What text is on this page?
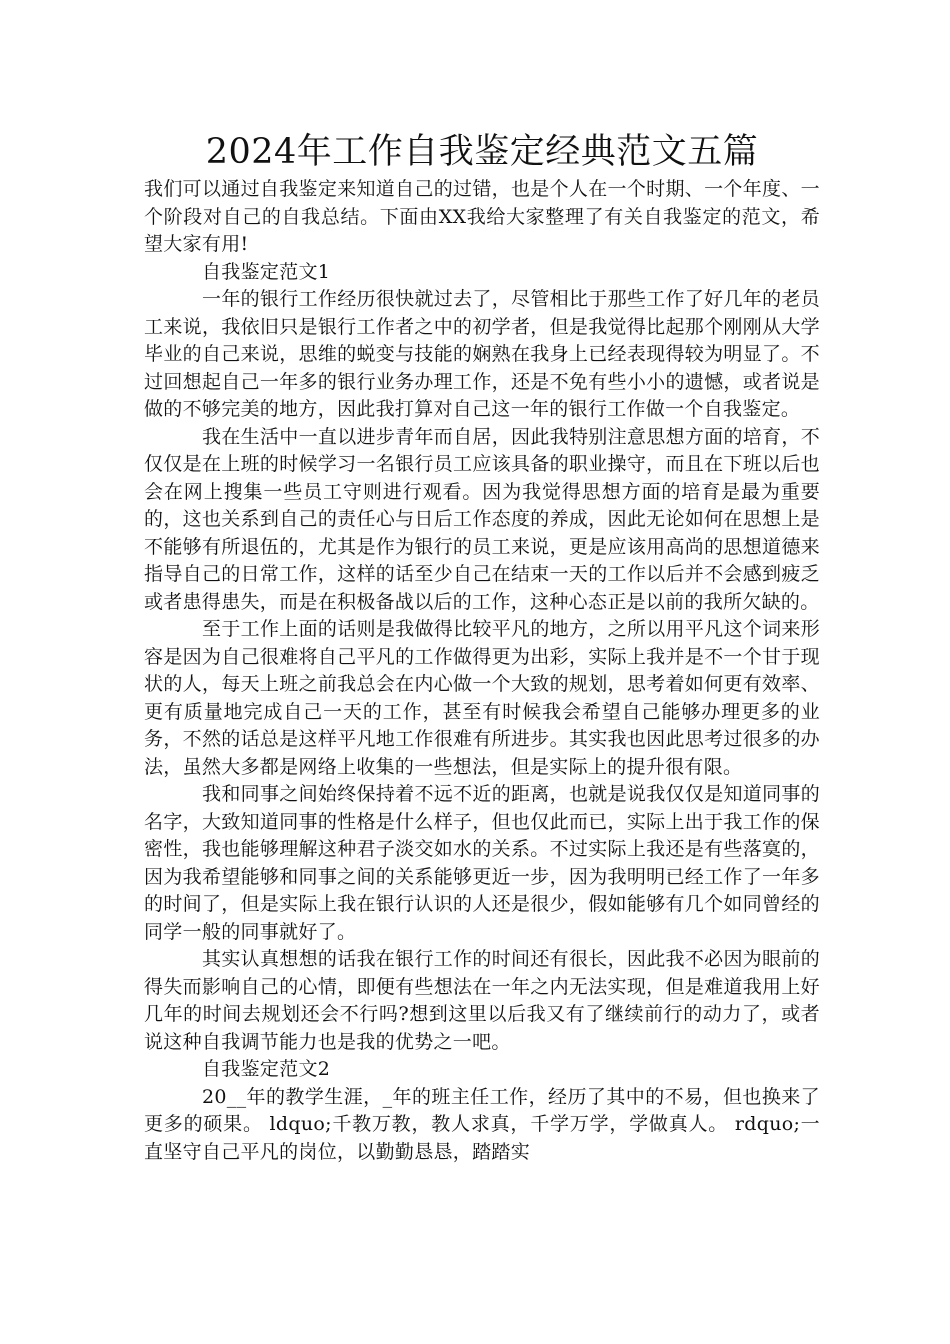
2024年工作自我鉴定经典范文五篇

我们可以通过自我鉴定来知道自己的过错，也是个人在一个时期、一个年度、一个阶段对自己的自我总结。下面由XX我给大家整理了有关自我鉴定的范文，希望大家有用!

自我鉴定范文1

一年的银行工作经历很快就过去了，尽管相比于那些工作了好几年的老员工来说，我依旧只是银行工作者之中的初学者，但是我觉得比起那个刚刚从大学毕业的自己来说，思维的蜕变与技能的娴熟在我身上已经表现得较为明显了。不过回想起自己一年多的银行业务办理工作，还是不免有些小小的遗憾，或者说是做的不够完美的地方，因此我打算对自己这一年的银行工作做一个自我鉴定。

我在生活中一直以进步青年而自居，因此我特别注意思想方面的培育，不仅仅是在上班的时候学习一名银行员工应该具备的职业操守，而且在下班以后也会在网上搜集一些员工守则进行观看。因为我觉得思想方面的培育是最为重要的，这也关系到自己的责任心与日后工作态度的养成，因此无论如何在思想上是不能够有所退伍的，尤其是作为银行的员工来说，更是应该用高尚的思想道德来指导自己的日常工作，这样的话至少自己在结束一天的工作以后并不会感到疲乏或者患得患失，而是在积极备战以后的工作，这种心态正是以前的我所欠缺的。

至于工作上面的话则是我做得比较平凡的地方，之所以用平凡这个词来形容是因为自己很难将自己平凡的工作做得更为出彩，实际上我并是不一个甘于现状的人，每天上班之前我总会在内心做一个大致的规划，思考着如何更有效率、更有质量地完成自己一天的工作，甚至有时候我会希望自己能够办理更多的业务，不然的话总是这样平凡地工作很难有所进步。其实我也因此思考过很多的办法，虽然大多都是网络上收集的一些想法，但是实际上的提升很有限。

我和同事之间始终保持着不远不近的距离，也就是说我仅仅是知道同事的名字，大致知道同事的性格是什么样子，但也仅此而已，实际上出于我工作的保密性，我也能够理解这种君子淡交如水的关系。不过实际上我还是有些落寞的，因为我希望能够和同事之间的关系能够更近一步，因为我明明已经工作了一年多的时间了，但是实际上我在银行认识的人还是很少，假如能够有几个如同曾经的同学一般的同事就好了。

其实认真想想的话我在银行工作的时间还有很长，因此我不必因为眼前的得失而影响自己的心情，即便有些想法在一年之内无法实现，但是难道我用上好几年的时间去规划还会不行吗?想到这里以后我又有了继续前行的动力了，或者说这种自我调节能力也是我的优势之一吧。

自我鉴定范文2

20__年的教学生涯，_年的班主任工作，经历了其中的不易，但也换来了更多的硕果。 ldquo;千教万教，教人求真，千学万学，学做真人。 rdquo;一直坚守自己平凡的岗位，以勤勤恳恳，踏踏实
